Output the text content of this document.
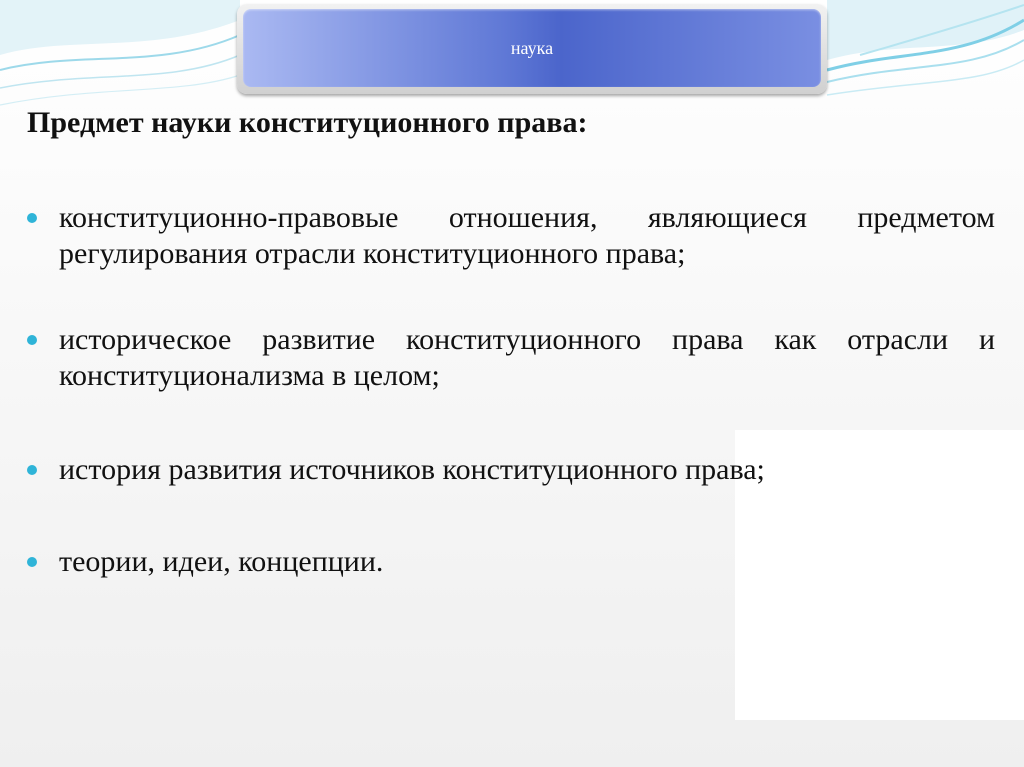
наука
Предмет науки конституционного права:
конституционно-правовые отношения, являющиеся предметом регулирования отрасли конституционного права;
историческое развитие конституционного права как отрасли и конституционализма в целом;
история развития источников конституционного права;
теории, идеи, концепции.
